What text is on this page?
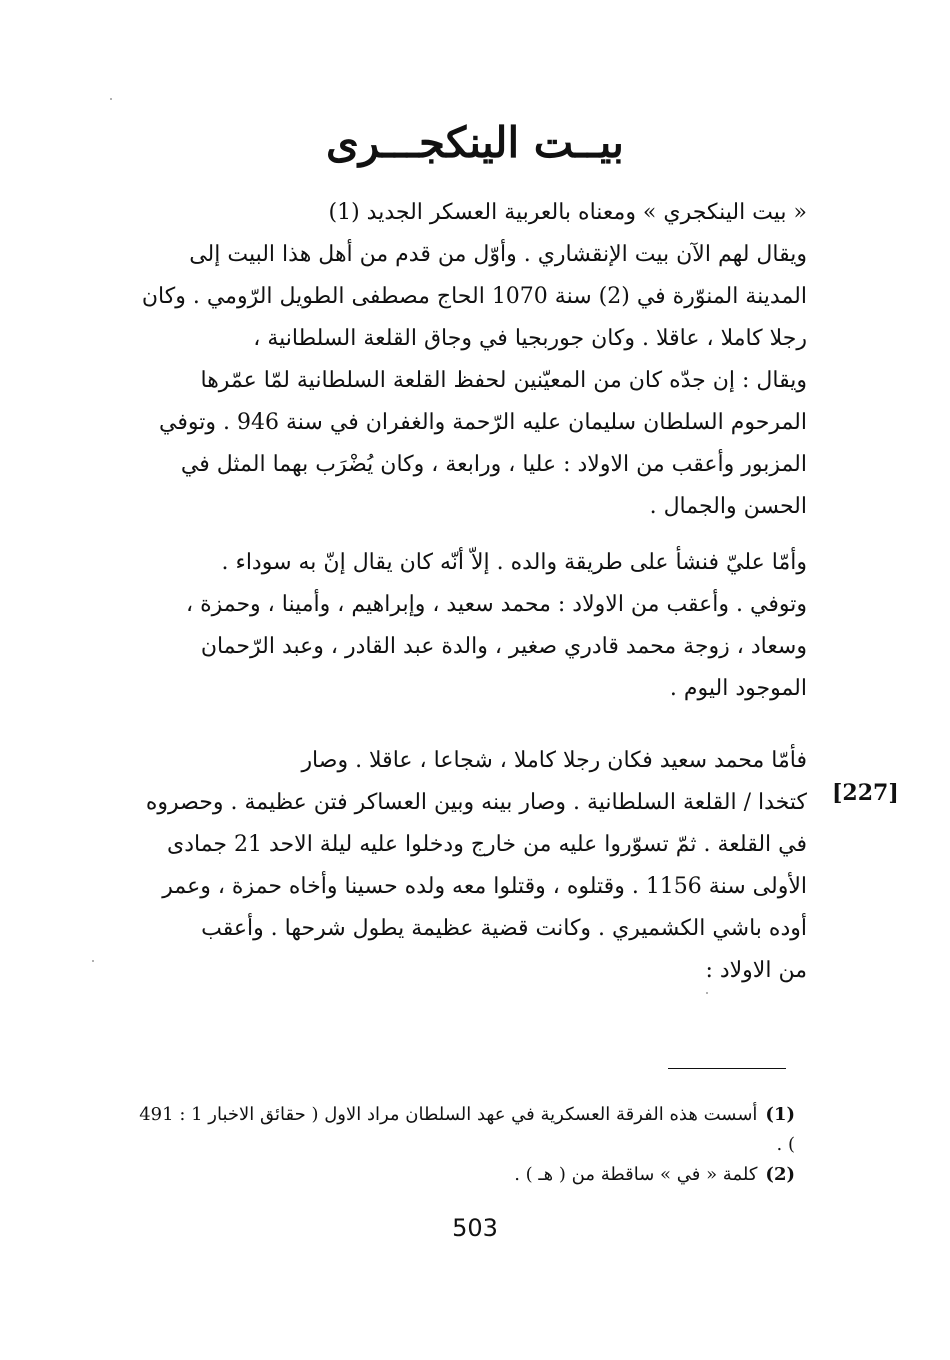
بيــت الينكجـــرى
« بيت الينكجري » ومعناه بالعربية العسكر الجديد (1)
ويقال لهم الآن بيت الإنقشاري . وأوّل من قدم من أهل هذا البيت إلى
المدينة المنوّرة في (2) سنة 1070 الحاج مصطفى الطويل الرّومي . وكان
رجلا كاملا ، عاقلا . وكان جوربجيا في وجاق القلعة السلطانية ،
ويقال : إن جدّه كان من المعيّنين لحفظ القلعة السلطانية لمّا عمّرها
المرحوم السلطان سليمان عليه الرّحمة والغفران في سنة 946 . وتوفي
المزبور وأعقب من الاولاد : عليا ، ورابعة ، وكان يُضْرَب بهما المثل في
الحسن والجمال .
وأمّا عليّ فنشأ على طريقة والده . إلاّ أنّه كان يقال إنّ به سوداء .
وتوفي . وأعقب من الاولاد : محمد سعيد ، وإبراهيم ، وأمينا ، وحمزة ،
وسعاد ، زوجة محمد قادري صغير ، والدة عبد القادر ، وعبد الرّحمان
الموجود اليوم .
فأمّا محمد سعيد فكان رجلا كاملا ، شجاعا ، عاقلا . وصار
كتخدا / القلعة السلطانية . وصار بينه وبين العساكر فتن عظيمة . وحصروه
في القلعة . ثمّ تسوّروا عليه من خارج ودخلوا عليه ليلة الاحد 21 جمادى
الأولى سنة 1156 . وقتلوه ، وقتلوا معه ولده حسينا وأخاه حمزة ، وعمر
أوده باشي الكشميري . وكانت قضية عظيمة يطول شرحها . وأعقب
من الاولاد :
[227]
(1)أسست هذه الفرقة العسكرية في عهد السلطان مراد الاول ( حقائق الاخبار 1 : 491 ) .
(2)كلمة « في » ساقطة من ( هـ ) .
503
